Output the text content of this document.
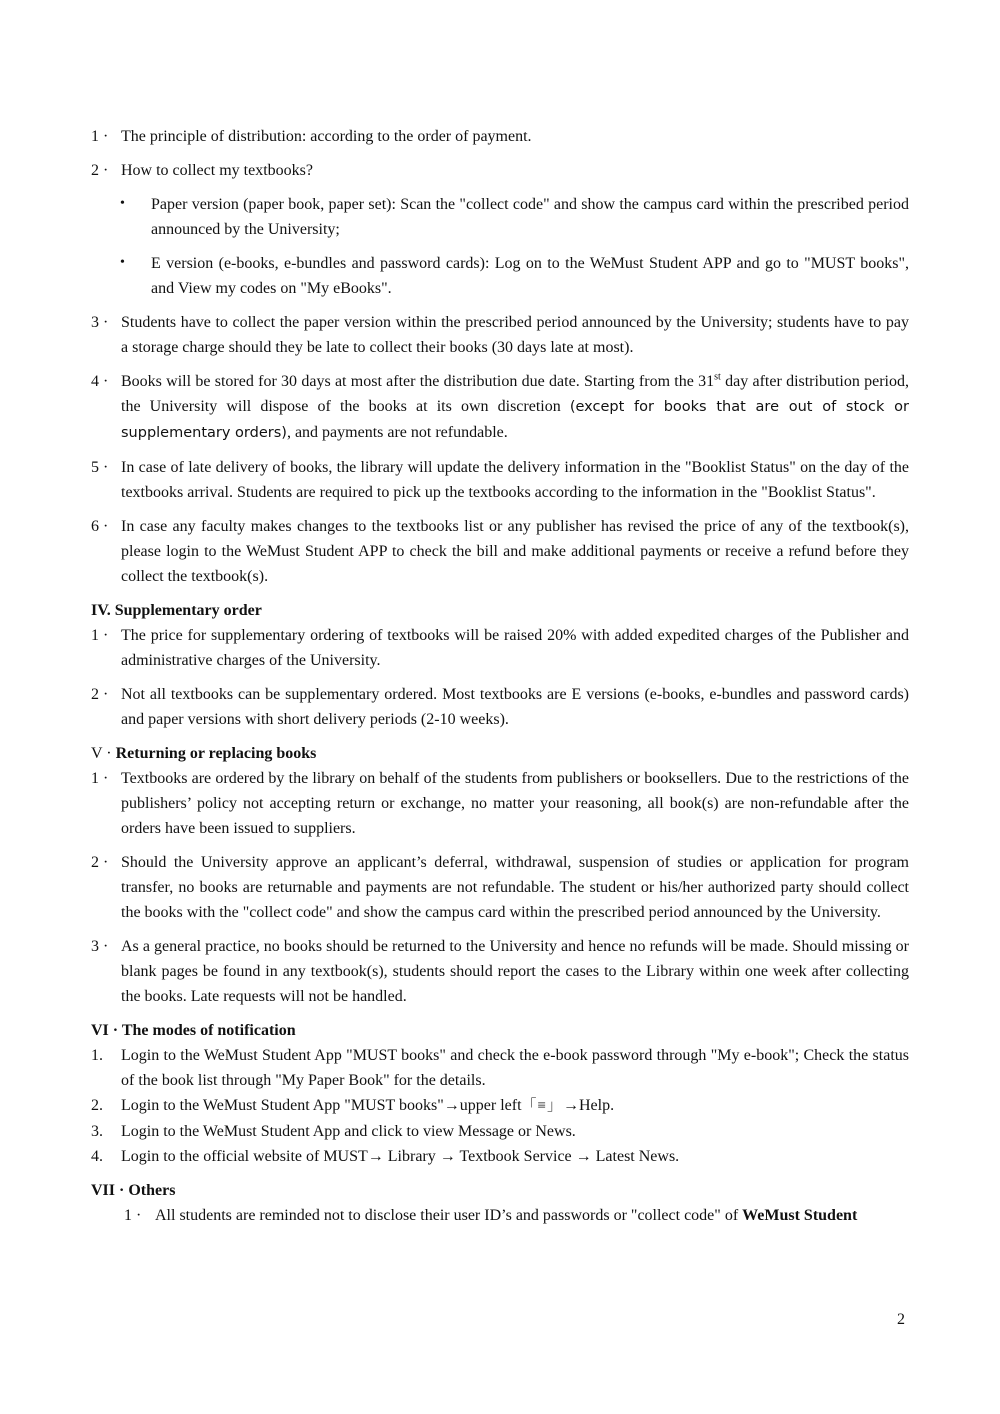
1 · The principle of distribution: according to the order of payment.
2 · How to collect my textbooks?
• Paper version (paper book, paper set): Scan the "collect code" and show the campus card within the prescribed period announced by the University;
• E version (e-books, e-bundles and password cards): Log on to the WeMust Student APP and go to "MUST books", and View my codes on "My eBooks".
3 · Students have to collect the paper version within the prescribed period announced by the University; students have to pay a storage charge should they be late to collect their books (30 days late at most).
4 · Books will be stored for 30 days at most after the distribution due date. Starting from the 31st day after distribution period, the University will dispose of the books at its own discretion (except for books that are out of stock or supplementary orders), and payments are not refundable.
5 · In case of late delivery of books, the library will update the delivery information in the "Booklist Status" on the day of the textbooks arrival. Students are required to pick up the textbooks according to the information in the "Booklist Status".
6 · In case any faculty makes changes to the textbooks list or any publisher has revised the price of any of the textbook(s), please login to the WeMust Student APP to check the bill and make additional payments or receive a refund before they collect the textbook(s).
IV. Supplementary order
1 · The price for supplementary ordering of textbooks will be raised 20% with added expedited charges of the Publisher and administrative charges of the University.
2 · Not all textbooks can be supplementary ordered. Most textbooks are E versions (e-books, e-bundles and password cards) and paper versions with short delivery periods (2-10 weeks).
V · Returning or replacing books
1 · Textbooks are ordered by the library on behalf of the students from publishers or booksellers. Due to the restrictions of the publishers’ policy not accepting return or exchange, no matter your reasoning, all book(s) are non-refundable after the orders have been issued to suppliers.
2 · Should the University approve an applicant’s deferral, withdrawal, suspension of studies or application for program transfer, no books are returnable and payments are not refundable. The student or his/her authorized party should collect the books with the "collect code" and show the campus card within the prescribed period announced by the University.
3 · As a general practice, no books should be returned to the University and hence no refunds will be made. Should missing or blank pages be found in any textbook(s), students should report the cases to the Library within one week after collecting the books. Late requests will not be handled.
VI · The modes of notification
1. Login to the WeMust Student App "MUST books" and check the e-book password through "My e-book"; Check the status of the book list through "My Paper Book" for the details.
2. Login to the WeMust Student App "MUST books"→upper left「≡」→Help.
3. Login to the WeMust Student App and click to view Message or News.
4. Login to the official website of MUST→ Library → Textbook Service → Latest News.
VII · Others
1 · All students are reminded not to disclose their user ID’s and passwords or "collect code" of WeMust Student
2
